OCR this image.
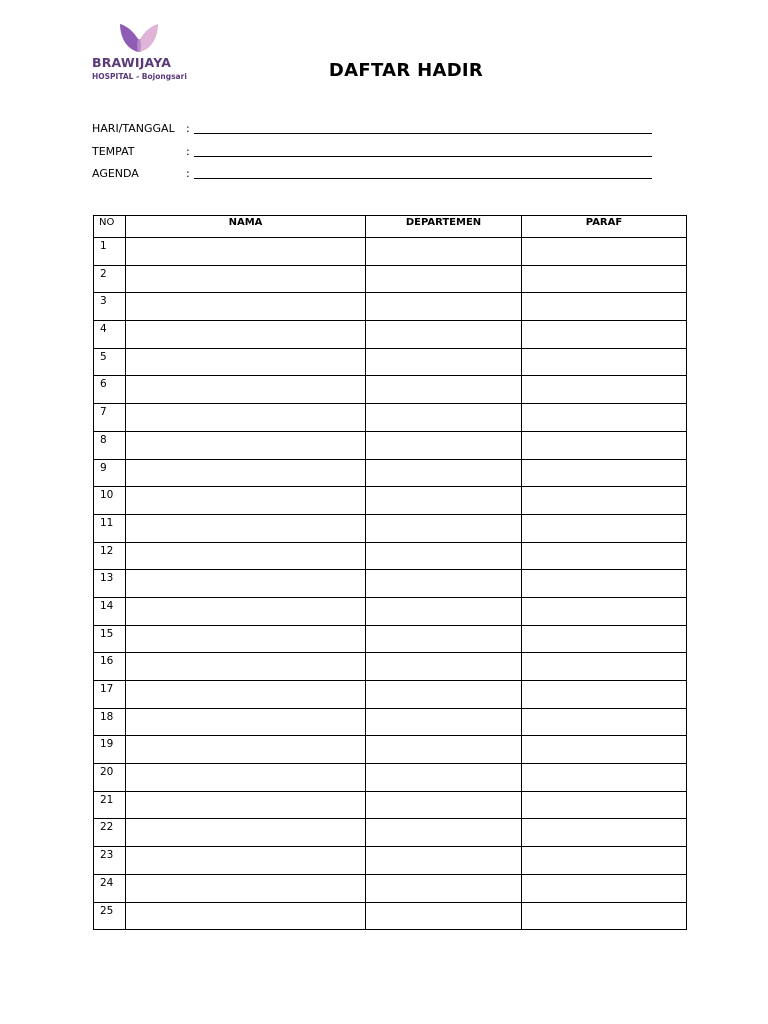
BRAWIJAYA
HOSPITAL - Bojongsari	DAFTAR HADIR
HARI/TANGGAL	:
TEMPAT	:
AGENDA	:
NO	NAMA	DEPARTEMEN	PARAF
1			
2			
3			
4			
5			
6			
7			
8			
9			
10			
11			
12			
13			
14			
15			
16			
17			
18			
19			
20			
21			
22			
23			
24			
25			
